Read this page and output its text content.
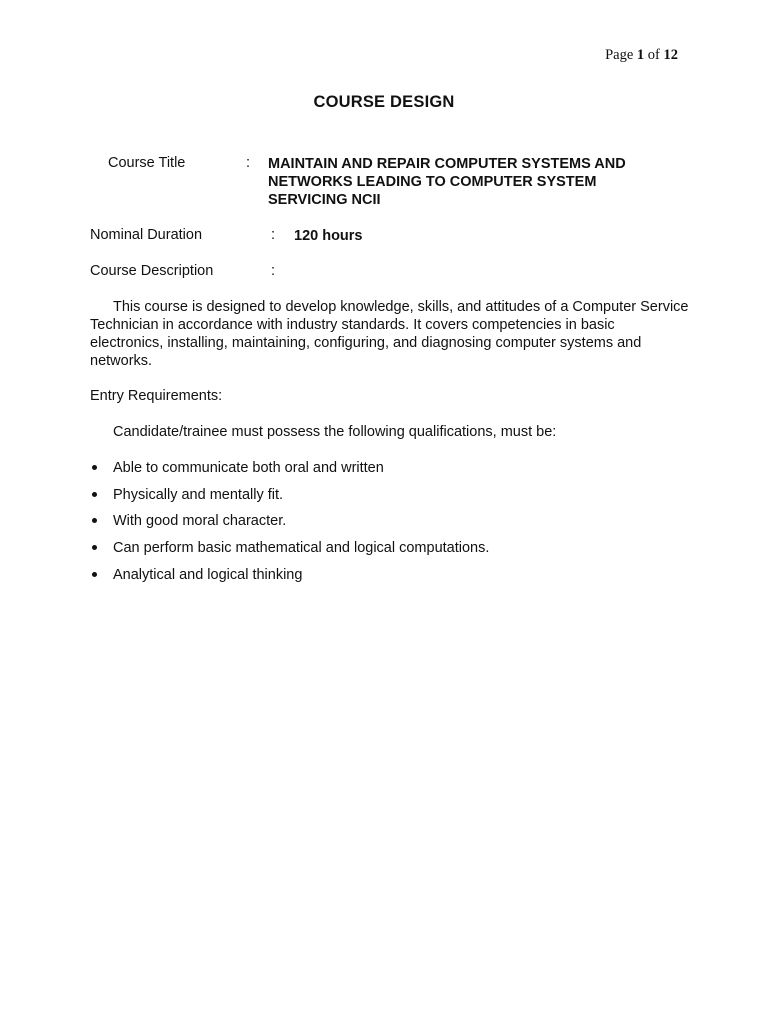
Page 1 of 12
COURSE DESIGN
Course Title	: MAINTAIN AND REPAIR COMPUTER SYSTEMS AND NETWORKS LEADING TO COMPUTER SYSTEM SERVICING NCII
Nominal Duration	: 120 hours
Course Description	:
This course is designed to develop knowledge, skills, and attitudes of a Computer Service Technician in accordance with industry standards. It covers competencies in basic electronics, installing, maintaining, configuring, and diagnosing computer systems and networks.
Entry Requirements:
Candidate/trainee must possess the following qualifications, must be:
Able to communicate both oral and written
Physically and mentally fit.
With good moral character.
Can perform basic mathematical and logical computations.
Analytical and logical thinking
